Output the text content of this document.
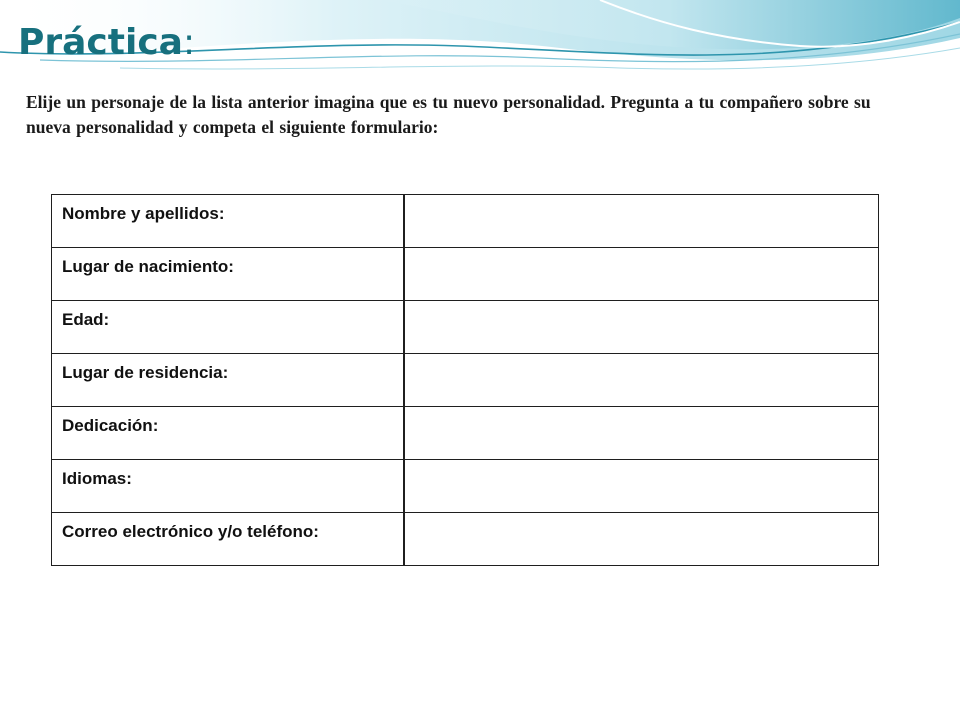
Práctica:

Elije un personaje de la lista anterior imagina que es tu nuevo personalidad. Pregunta a tu compañero sobre su nueva personalidad y competa el siguiente formulario:

Nombre y apellidos:	
Lugar de nacimiento:	
Edad:	
Lugar de residencia:	
Dedicación:	
Idiomas:	
Correo electrónico y/o teléfono:	
